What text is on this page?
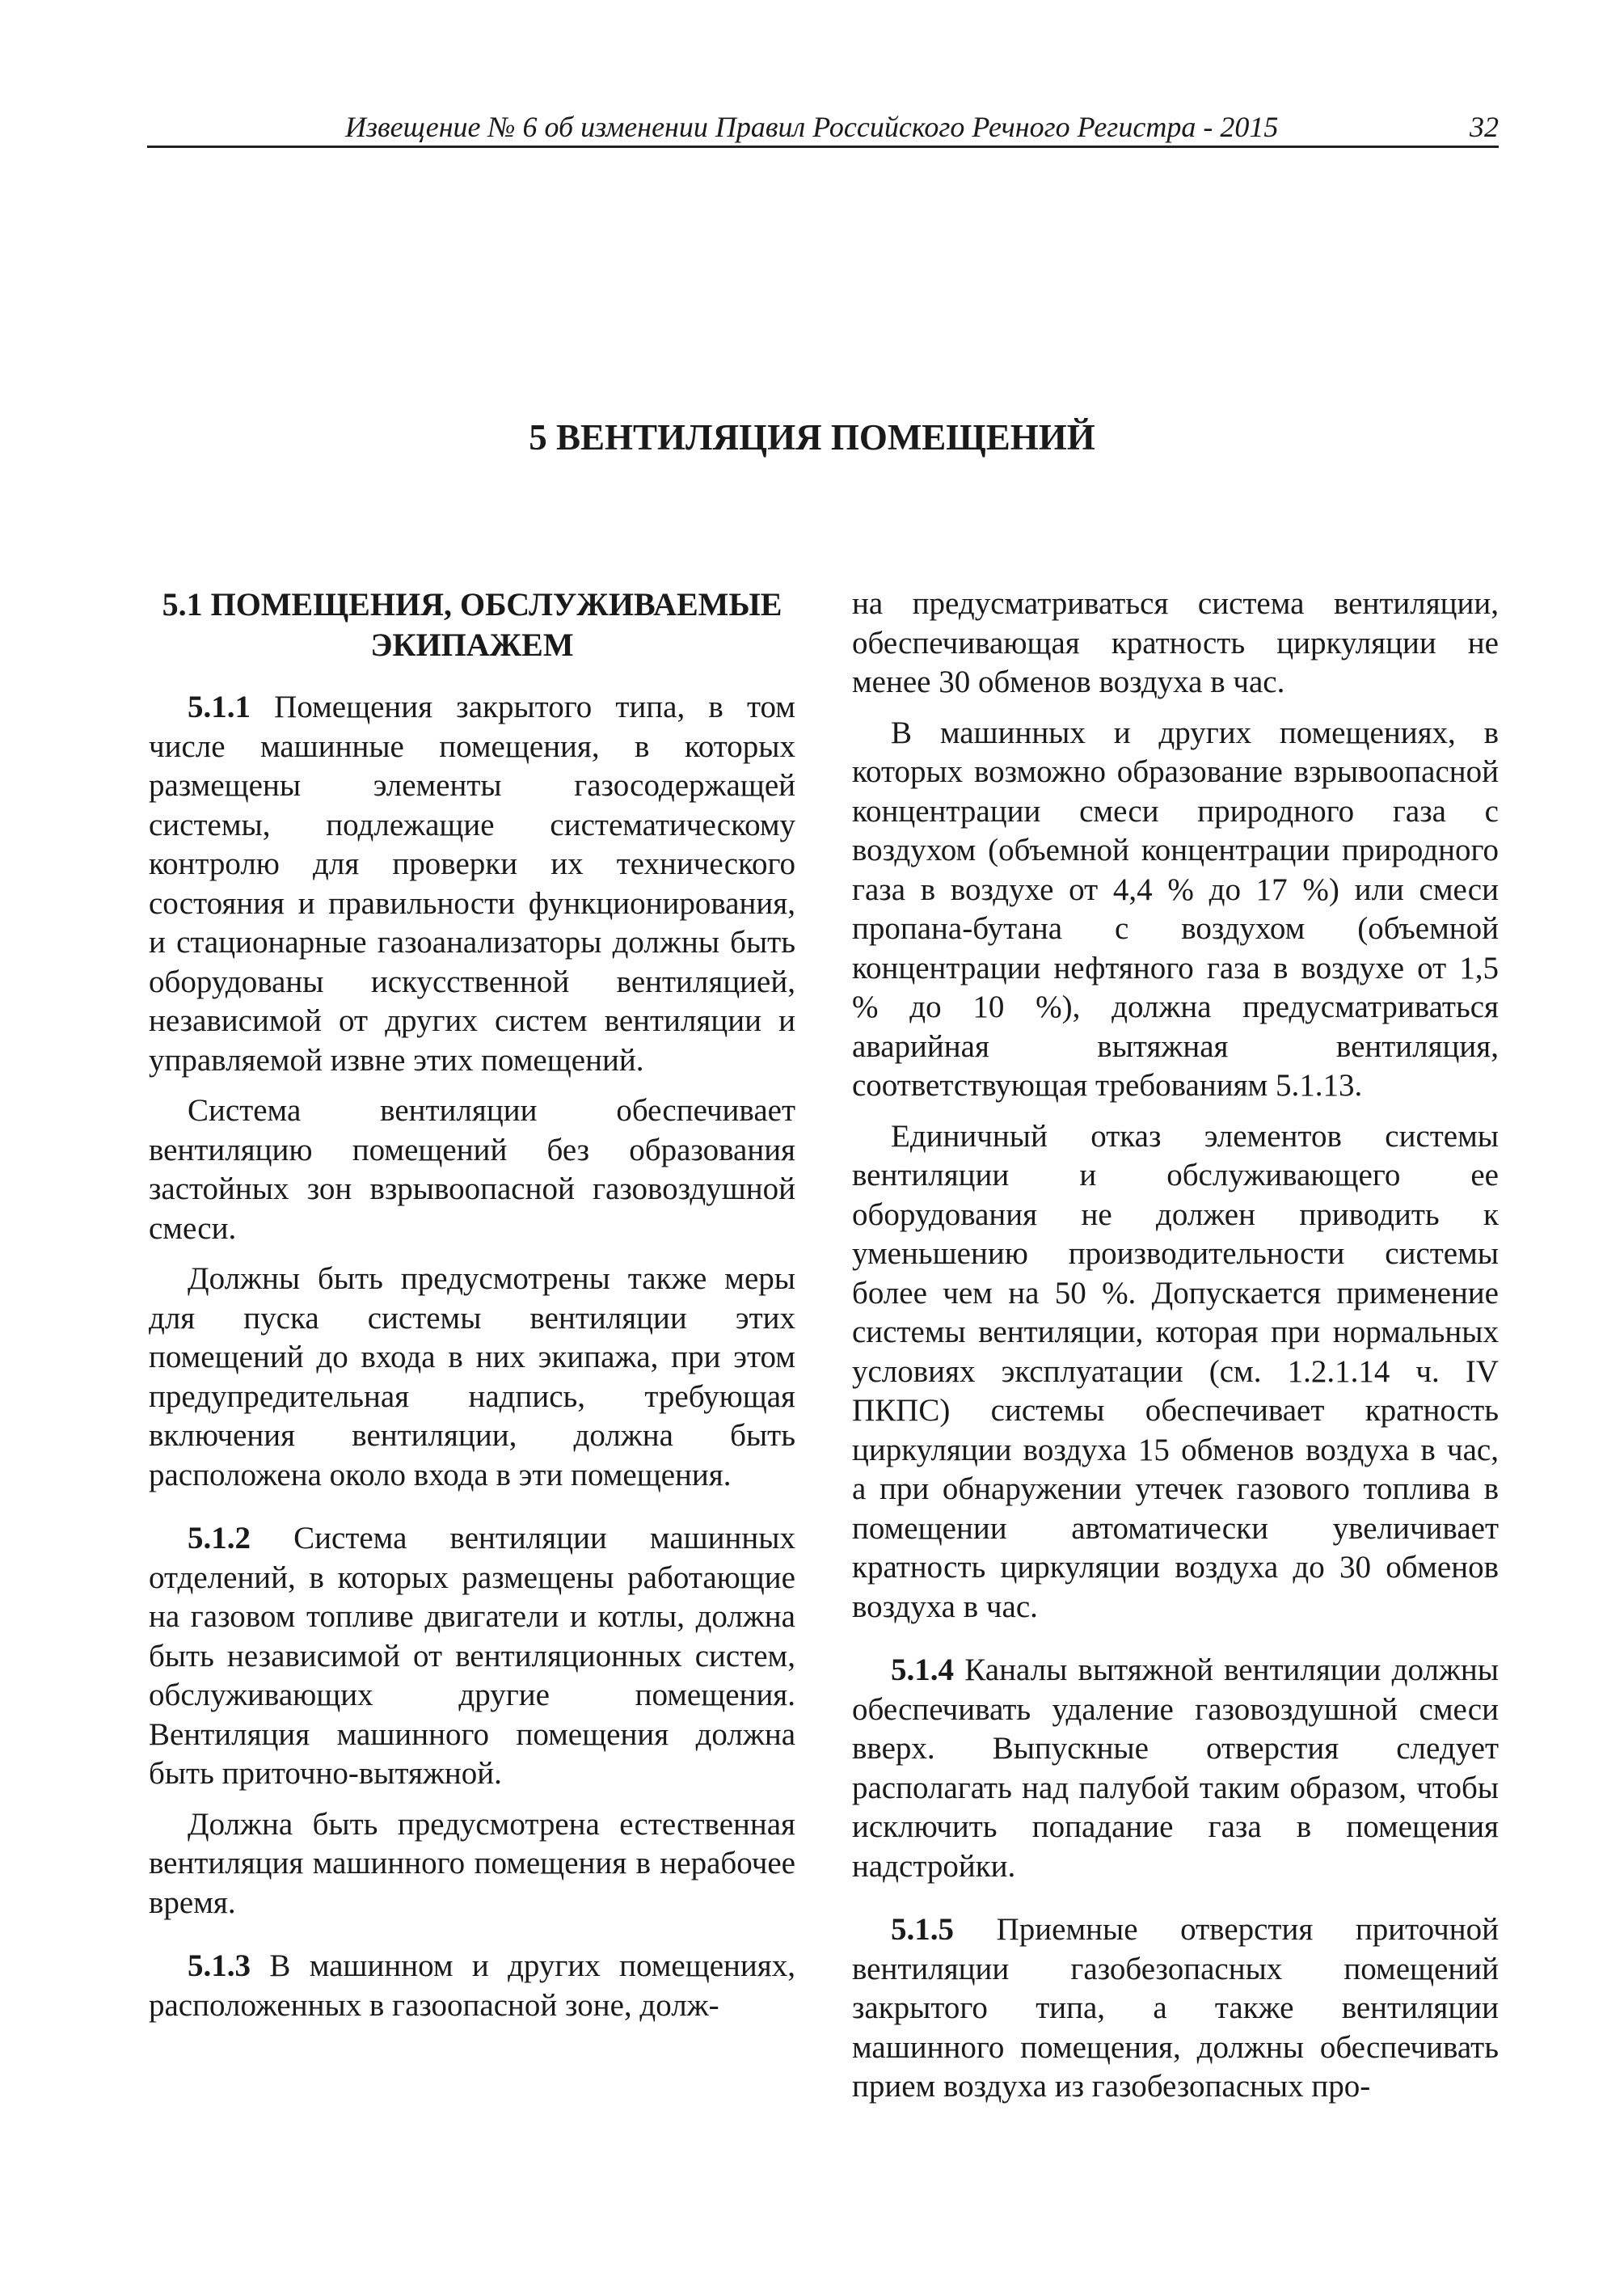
Извещение № 6 об изменении Правил Российского Речного Регистра - 2015	32
5 ВЕНТИЛЯЦИЯ ПОМЕЩЕНИЙ
5.1 ПОМЕЩЕНИЯ, ОБСЛУЖИВАЕМЫЕ
ЭКИПАЖЕМ

5.1.1 Помещения закрытого типа, в том числе машинные помещения, в которых размещены элементы газосодержащей системы, подлежащие систематическому контролю для проверки их технического состояния и правильности функционирования, и стационарные газоанализаторы должны быть оборудованы искусственной вентиляцией, независимой от других систем вентиляции и управляемой извне этих помещений.

Система вентиляции обеспечивает вентиляцию помещений без образования застойных зон взрывоопасной газовоздушной смеси.

Должны быть предусмотрены также меры для пуска системы вентиляции этих помещений до входа в них экипажа, при этом предупредительная надпись, требующая включения вентиляции, должна быть расположена около входа в эти помещения.

5.1.2 Система вентиляции машинных отделений, в которых размещены работающие на газовом топливе двигатели и котлы, должна быть независимой от вентиляционных систем, обслуживающих другие помещения. Вентиляция машинного помещения должна быть приточно-вытяжной.

Должна быть предусмотрена естественная вентиляция машинного помещения в нерабочее время.

5.1.3 В машинном и других помещениях, расположенных в газоопасной зоне, долж-

на предусматриваться система вентиляции, обеспечивающая кратность циркуляции не менее 30 обменов воздуха в час.

В машинных и других помещениях, в которых возможно образование взрывоопасной концентрации смеси природного газа с воздухом (объемной концентрации природного газа в воздухе от 4,4 % до 17 %) или смеси пропана-бутана с воздухом (объемной концентрации нефтяного газа в воздухе от 1,5 % до 10 %), должна предусматриваться аварийная вытяжная вентиляция, соответствующая требованиям 5.1.13.

Единичный отказ элементов системы вентиляции и обслуживающего ее оборудования не должен приводить к уменьшению производительности системы более чем на 50 %. Допускается применение системы вентиляции, которая при нормальных условиях эксплуатации (см. 1.2.1.14 ч. IV ПКПС) системы обеспечивает кратность циркуляции воздуха 15 обменов воздуха в час, а при обнаружении утечек газового топлива в помещении автоматически увеличивает кратность циркуляции воздуха до 30 обменов воздуха в час.

5.1.4 Каналы вытяжной вентиляции должны обеспечивать удаление газовоздушной смеси вверх. Выпускные отверстия следует располагать над палубой таким образом, чтобы исключить попадание газа в помещения надстройки.

5.1.5 Приемные отверстия приточной вентиляции газобезопасных помещений закрытого типа, а также вентиляции машинного помещения, должны обеспечивать прием воздуха из газобезопасных про-
